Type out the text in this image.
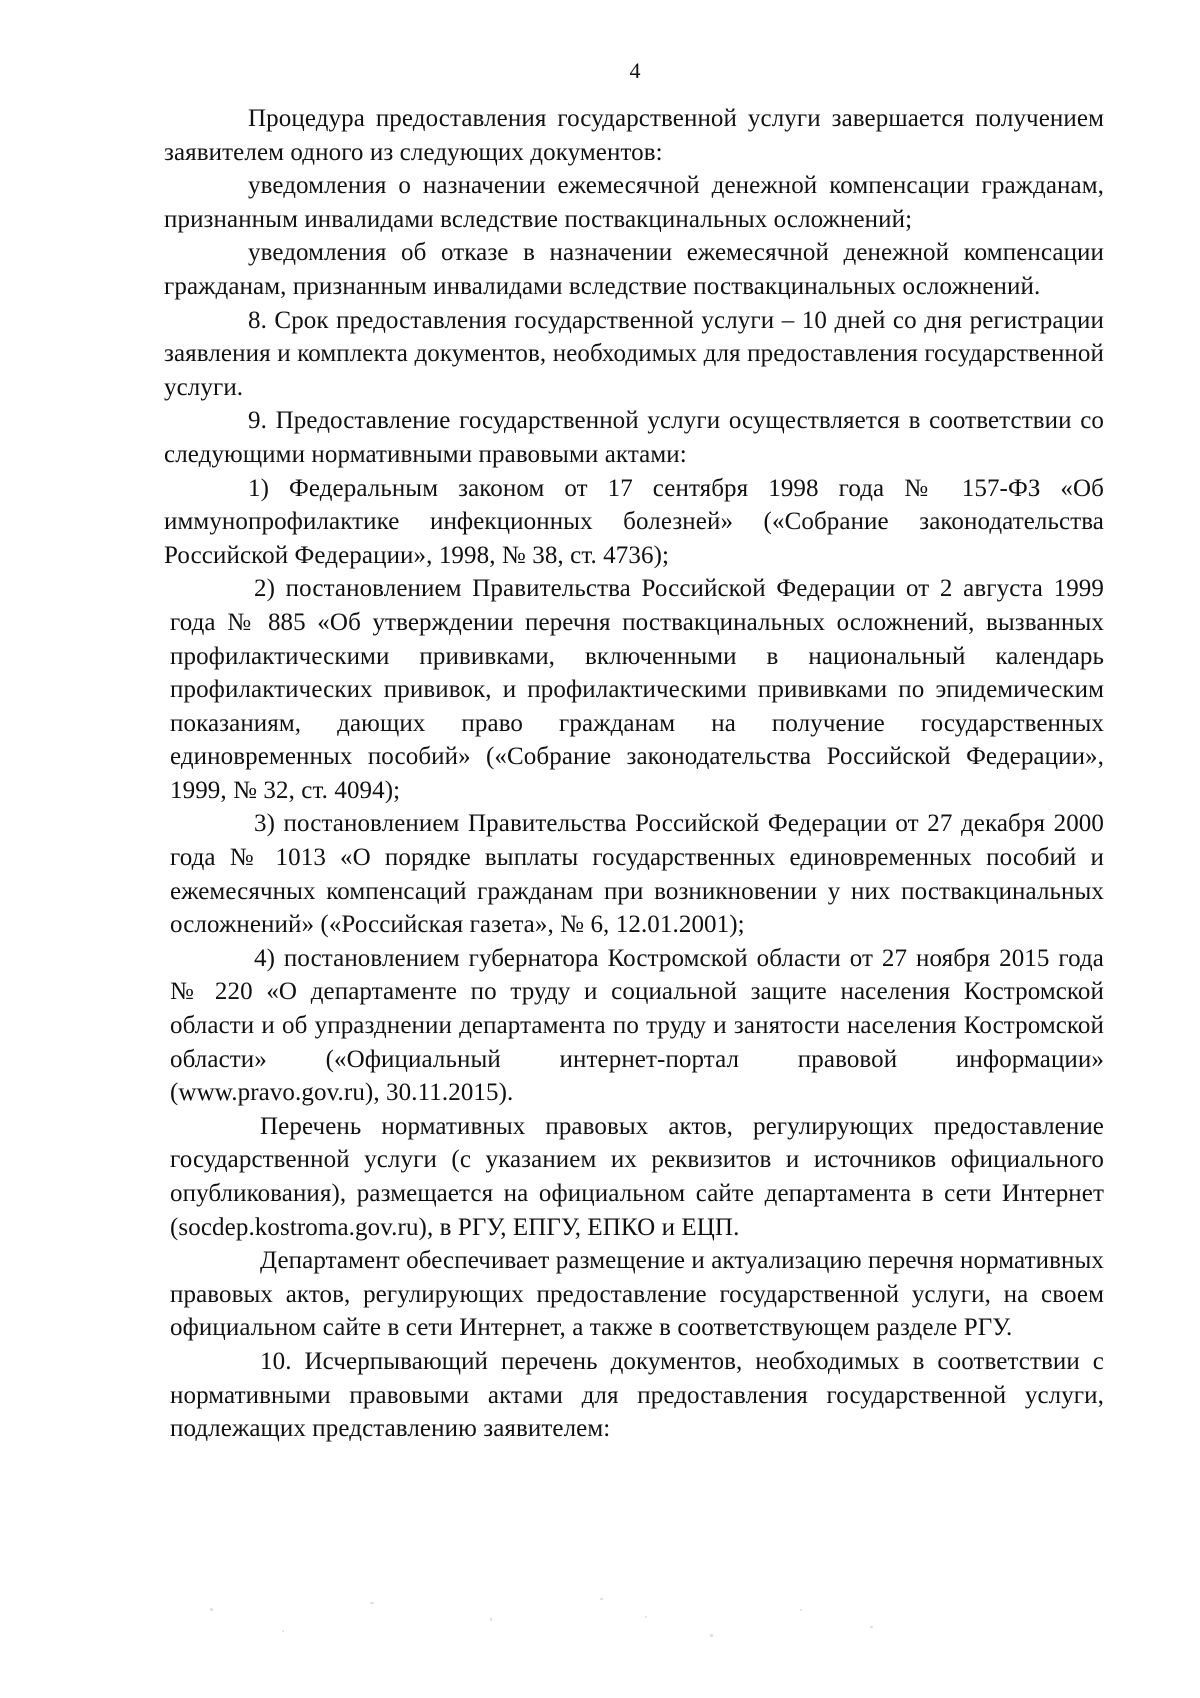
4

Процедура предоставления государственной услуги завершается получением заявителем одного из следующих документов:

уведомления о назначении ежемесячной денежной компенсации гражданам, признанным инвалидами вследствие поствакцинальных осложнений;

уведомления об отказе в назначении ежемесячной денежной компенсации гражданам, признанным инвалидами вследствие поствакцинальных осложнений.

8. Срок предоставления государственной услуги – 10 дней со дня регистрации заявления и комплекта документов, необходимых для предоставления государственной услуги.

9. Предоставление государственной услуги осуществляется в соответствии со следующими нормативными правовыми актами:

1) Федеральным законом от 17 сентября 1998 года № 157-ФЗ «Об иммунопрофилактике инфекционных болезней» («Собрание законодательства Российской Федерации», 1998, № 38, ст. 4736);

2) постановлением Правительства Российской Федерации от 2 августа 1999 года № 885 «Об утверждении перечня поствакцинальных осложнений, вызванных профилактическими прививками, включенными в национальный календарь профилактических прививок, и профилактическими прививками по эпидемическим показаниям, дающих право гражданам на получение государственных единовременных пособий» («Собрание законодательства Российской Федерации», 1999, № 32, ст. 4094);

3) постановлением Правительства Российской Федерации от 27 декабря 2000 года № 1013 «О порядке выплаты государственных единовременных пособий и ежемесячных компенсаций гражданам при возникновении у них поствакцинальных осложнений» («Российская газета», № 6, 12.01.2001);

4) постановлением губернатора Костромской области от 27 ноября 2015 года № 220 «О департаменте по труду и социальной защите населения Костромской области и об упразднении департамента по труду и занятости населения Костромской области» («Официальный интернет-портал правовой информации» (www.pravo.gov.ru), 30.11.2015).

Перечень нормативных правовых актов, регулирующих предоставление государственной услуги (с указанием их реквизитов и источников официального опубликования), размещается на официальном сайте департамента в сети Интернет (socdep.kostroma.gov.ru), в РГУ, ЕПГУ, ЕПКО и ЕЦП.

Департамент обеспечивает размещение и актуализацию перечня нормативных правовых актов, регулирующих предоставление государственной услуги, на своем официальном сайте в сети Интернет, а также в соответствующем разделе РГУ.

10. Исчерпывающий перечень документов, необходимых в соответствии с нормативными правовыми актами для предоставления государственной услуги, подлежащих представлению заявителем:
